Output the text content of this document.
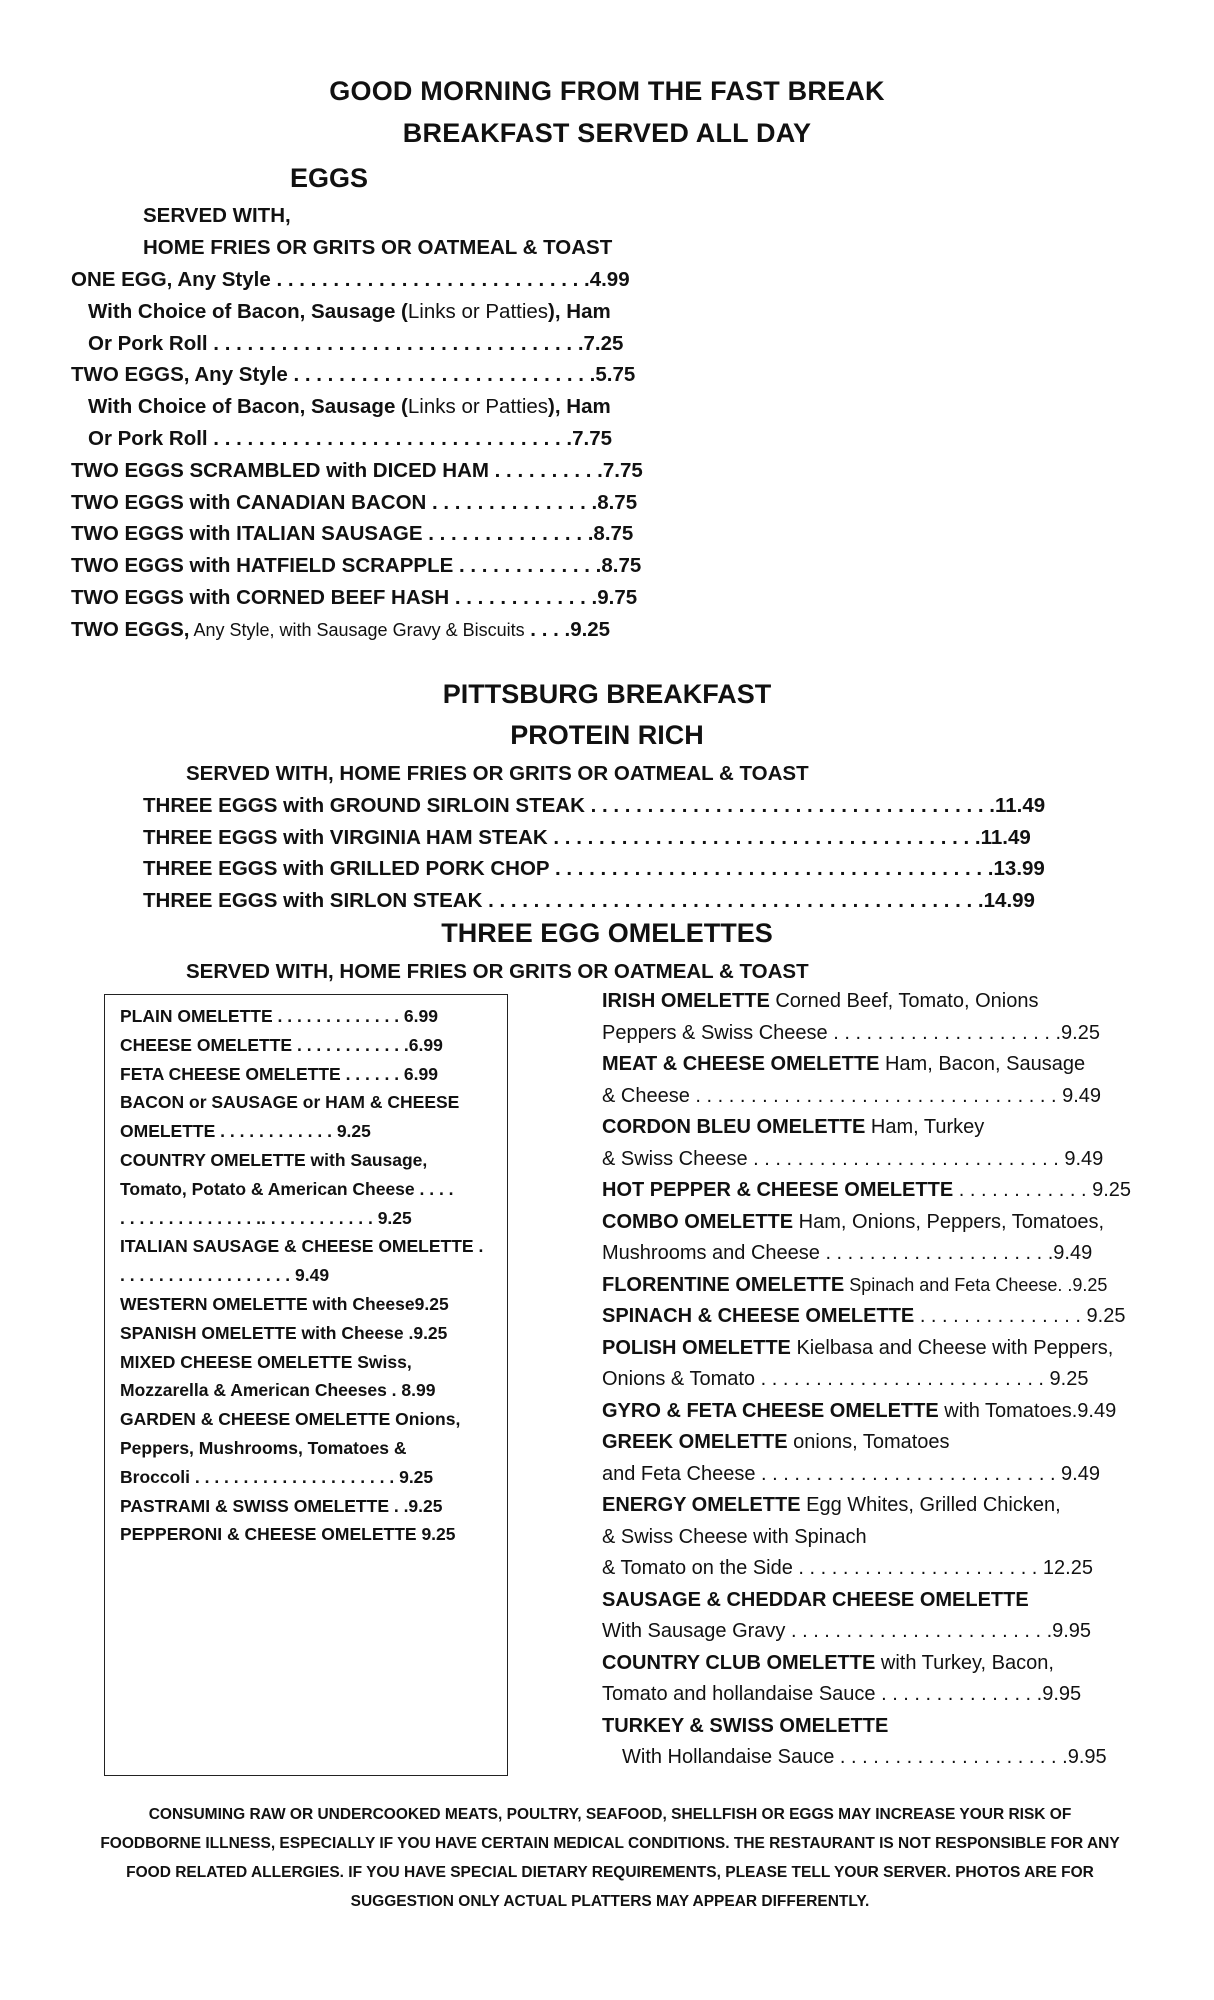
GOOD MORNING FROM THE FAST BREAK
BREAKFAST SERVED ALL DAY
EGGS
SERVED WITH,
HOME FRIES OR GRITS OR OATMEAL & TOAST
ONE EGG, Any Style . . . . . . . . . . . . . . . . . . . . . . . . . . . .4.99
With Choice of Bacon, Sausage (Links or Patties), Ham
Or Pork Roll . . . . . . . . . . . . . . . . . . . . . . . . . . . . . . . . .7.25
TWO EGGS, Any Style . . . . . . . . . . . . . . . . . . . . . . . . . . .5.75
With Choice of Bacon, Sausage (Links or Patties), Ham
Or Pork Roll . . . . . . . . . . . . . . . . . . . . . . . . . . . . . . . .7.75
TWO EGGS SCRAMBLED with DICED HAM . . . . . . . . . .7.75
TWO EGGS with CANADIAN BACON . . . . . . . . . . . . . . .8.75
TWO EGGS with ITALIAN SAUSAGE . . . . . . . . . . . . . . .8.75
TWO EGGS with HATFIELD SCRAPPLE . . . . . . . . . . . . .8.75
TWO EGGS with CORNED BEEF HASH . . . . . . . . . . . . .9.75
TWO EGGS, Any Style, with Sausage Gravy & Biscuits . . . .9.25
PITTSBURG BREAKFAST
PROTEIN RICH
SERVED WITH, HOME FRIES OR GRITS OR OATMEAL & TOAST
THREE EGGS with GROUND SIRLOIN STEAK . . . . . . . . . . . . . . . . . . . . . . . . . . . . . . . . . . . .11.49
THREE EGGS with VIRGINIA HAM STEAK . . . . . . . . . . . . . . . . . . . . . . . . . . . . . . . . . . . . . .11.49
THREE EGGS with GRILLED PORK CHOP . . . . . . . . . . . . . . . . . . . . . . . . . . . . . . . . . . . . . . .13.99
THREE EGGS with SIRLON STEAK . . . . . . . . . . . . . . . . . . . . . . . . . . . . . . . . . . . . . . . . . . . .14.99
THREE EGG OMELETTES
SERVED WITH, HOME FRIES OR GRITS OR OATMEAL & TOAST
PLAIN OMELETTE . . . . . . . . . . . . . 6.99
CHEESE OMELETTE . . . . . . . . . . . .6.99
FETA CHEESE OMELETTE . . . . . . 6.99
BACON or SAUSAGE or HAM & CHEESE
OMELETTE . . . . . . . . . . . . 9.25
COUNTRY OMELETTE with Sausage,
Tomato, Potato & American Cheese . . . .
. . . . . . . . . . . . . . .. . . . . . . . . . . . 9.25
ITALIAN SAUSAGE & CHEESE OMELETTE .
. . . . . . . . . . . . . . . . . . 9.49
WESTERN OMELETTE with Cheese9.25
SPANISH OMELETTE with Cheese .9.25
MIXED CHEESE OMELETTE Swiss,
Mozzarella & American Cheeses . 8.99
GARDEN & CHEESE OMELETTE Onions,
Peppers, Mushrooms, Tomatoes &
Broccoli . . . . . . . . . . . . . . . . . . . . . 9.25
PASTRAMI & SWISS OMELETTE . .9.25
PEPPERONI & CHEESE OMELETTE 9.25
IRISH OMELETTE Corned Beef, Tomato, Onions
Peppers & Swiss Cheese . . . . . . . . . . . . . . . . . . . . .9.25
MEAT & CHEESE OMELETTE Ham, Bacon, Sausage
& Cheese . . . . . . . . . . . . . . . . . . . . . . . . . . . . . . . . . 9.49
CORDON BLEU OMELETTE Ham, Turkey
& Swiss Cheese . . . . . . . . . . . . . . . . . . . . . . . . . . . . 9.49
HOT PEPPER & CHEESE OMELETTE . . . . . . . . . . . . 9.25
COMBO OMELETTE Ham, Onions, Peppers, Tomatoes,
Mushrooms and Cheese . . . . . . . . . . . . . . . . . . . . .9.49
FLORENTINE OMELETTE Spinach and Feta Cheese. .9.25
SPINACH & CHEESE OMELETTE . . . . . . . . . . . . . . . 9.25
POLISH OMELETTE Kielbasa and Cheese with Peppers,
Onions & Tomato . . . . . . . . . . . . . . . . . . . . . . . . . . 9.25
GYRO & FETA CHEESE OMELETTE with Tomatoes.9.49
GREEK OMELETTE onions, Tomatoes
and Feta Cheese . . . . . . . . . . . . . . . . . . . . . . . . . . . 9.49
ENERGY OMELETTE Egg Whites, Grilled Chicken,
& Swiss Cheese with Spinach
& Tomato on the Side . . . . . . . . . . . . . . . . . . . . . . 12.25
SAUSAGE & CHEDDAR CHEESE OMELETTE
With Sausage Gravy . . . . . . . . . . . . . . . . . . . . . . . .9.95
COUNTRY CLUB OMELETTE with Turkey, Bacon,
Tomato and hollandaise Sauce . . . . . . . . . . . . . . .9.95
TURKEY & SWISS OMELETTE
With Hollandaise Sauce . . . . . . . . . . . . . . . . . . . . .9.95
CONSUMING RAW OR UNDERCOOKED MEATS, POULTRY, SEAFOOD, SHELLFISH OR EGGS MAY INCREASE YOUR RISK OF
FOODBORNE ILLNESS, ESPECIALLY IF YOU HAVE CERTAIN MEDICAL CONDITIONS. THE RESTAURANT IS NOT RESPONSIBLE FOR ANY
FOOD RELATED ALLERGIES. IF YOU HAVE SPECIAL DIETARY REQUIREMENTS, PLEASE TELL YOUR SERVER. PHOTOS ARE FOR
SUGGESTION ONLY ACTUAL PLATTERS MAY APPEAR DIFFERENTLY.
